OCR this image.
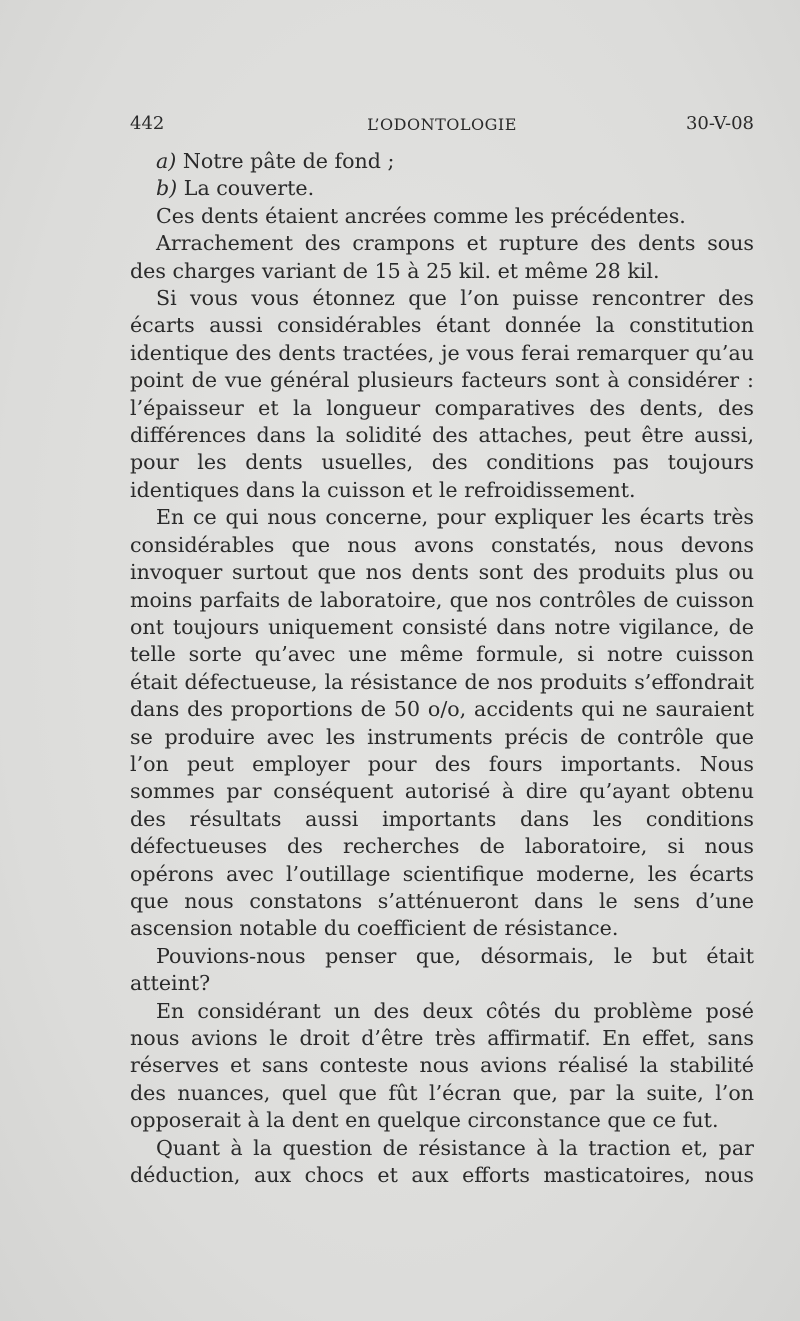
442	L’ODONTOLOGIE	30-V-08

a) Notre pâte de fond ;

b) La couverte.

Ces dents étaient ancrées comme les précédentes.

Arrachement des crampons et rupture des dents sous des charges variant de 15 à 25 kil. et même 28 kil.

Si vous vous étonnez que l’on puisse rencontrer des écarts aussi considérables étant donnée la constitution identique des dents tractées, je vous ferai remarquer qu’au point de vue général plusieurs facteurs sont à considérer : l’épaisseur et la longueur comparatives des dents, des différences dans la solidité des attaches, peut être aussi, pour les dents usuelles, des conditions pas toujours identiques dans la cuisson et le refroidissement.

En ce qui nous concerne, pour expliquer les écarts très considérables que nous avons constatés, nous devons invoquer surtout que nos dents sont des produits plus ou moins parfaits de laboratoire, que nos contrôles de cuisson ont toujours uniquement consisté dans notre vigilance, de telle sorte qu’avec une même formule, si notre cuisson était défectueuse, la résistance de nos produits s’effondrait dans des proportions de 50 o/o, accidents qui ne sauraient se produire avec les instruments précis de contrôle que l’on peut employer pour des fours importants. Nous sommes par conséquent autorisé à dire qu’ayant obtenu des résultats aussi importants dans les conditions défectueuses des recherches de laboratoire, si nous opérons avec l’outillage scientifique moderne, les écarts que nous constatons s’atténueront dans le sens d’une ascension notable du coefficient de résistance.

Pouvions-nous penser que, désormais, le but était atteint?

En considérant un des deux côtés du problème posé nous avions le droit d’être très affirmatif. En effet, sans réserves et sans conteste nous avions réalisé la stabilité des nuances, quel que fût l’écran que, par la suite, l’on opposerait à la dent en quelque circonstance que ce fut.

Quant à la question de résistance à la traction et, par déduction, aux chocs et aux efforts masticatoires, nous
